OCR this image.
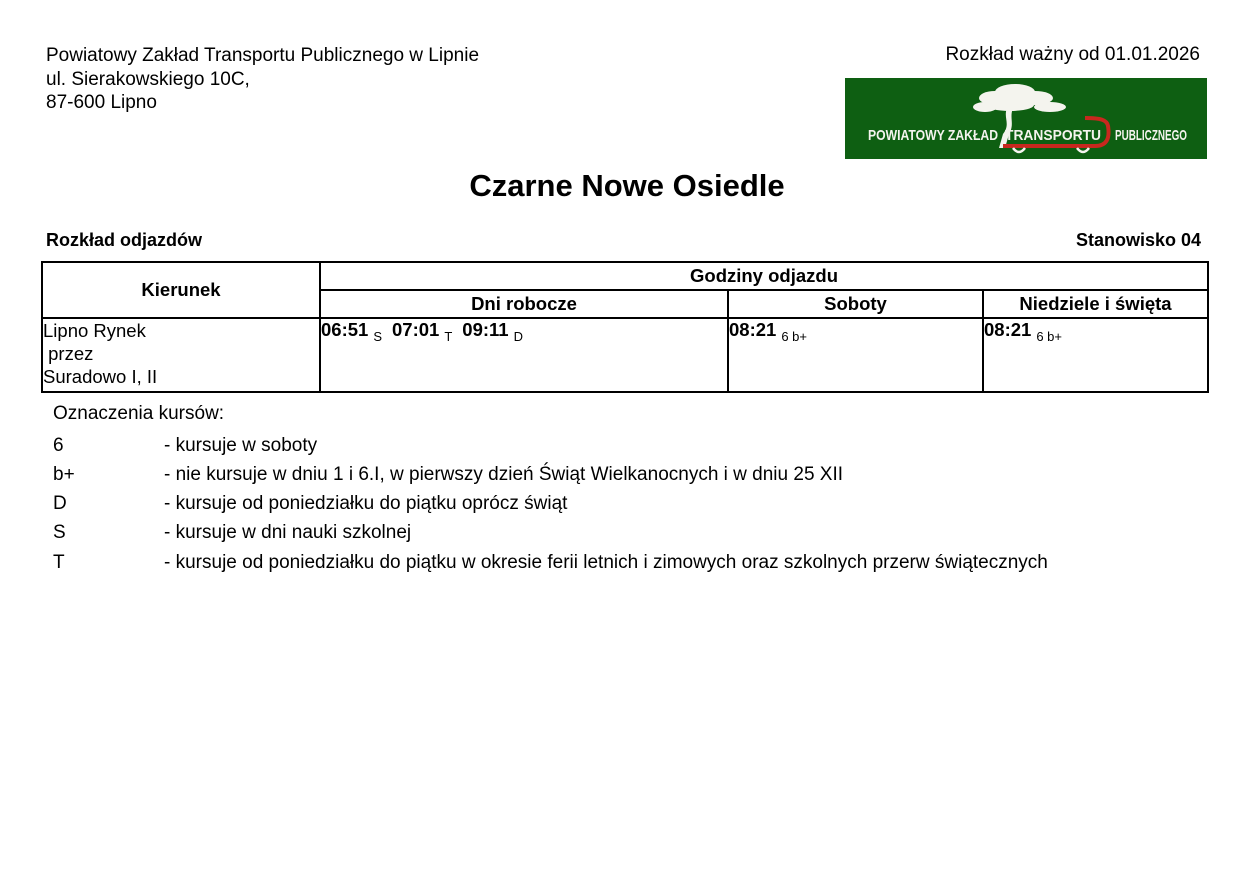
Powiatowy Zakład Transportu Publicznego w Lipnie
ul. Sierakowskiego 10C,
87-600 Lipno
Rozkład ważny od 01.01.2026
POWIATOWY ZAKŁAD TRANSPORTU PUBLICZNEGO
Czarne Nowe Osiedle
Rozkład odjazdów	Stanowisko 04
Kierunek	Godziny odjazdu		
	Dni robocze	Soboty	Niedziele i święta
Lipno Rynek
przez
Suradowo I, II	06:51 $_S$ 07:01 $_T$ 09:11 $_D$	08:21 $_{6 b+}$	08:21 $_{6 b+}$
Oznaczenia kursów:
6	- kursuje w soboty
b+	- nie kursuje w dniu 1 i 6.I, w pierwszy dzień Świąt Wielkanocnych i w dniu 25 XII
D	- kursuje od poniedziałku do piątku oprócz świąt
S	- kursuje w dni nauki szkolnej
T	- kursuje od poniedziałku do piątku w okresie ferii letnich i zimowych oraz szkolnych przerw świątecznych
